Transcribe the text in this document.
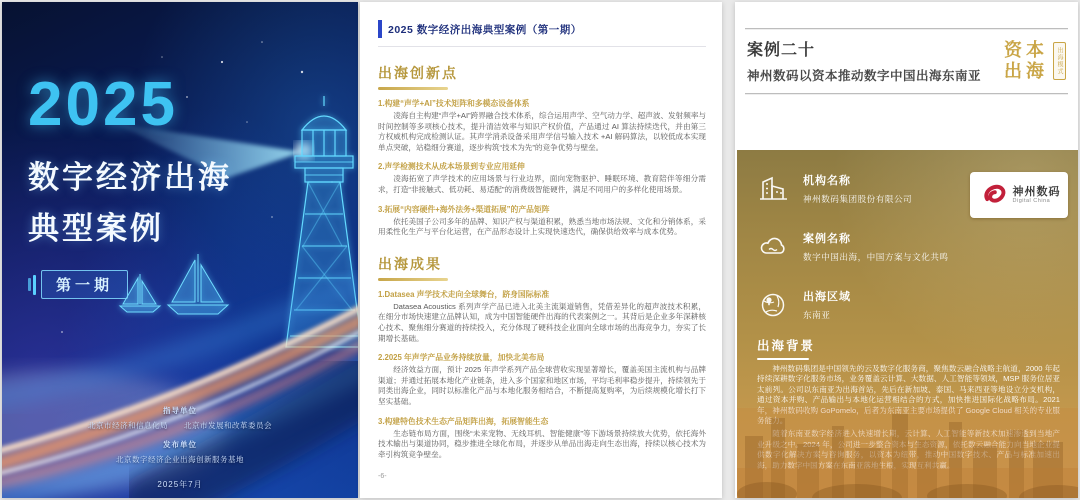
2025
数字经济出海
典型案例
第一期
指导单位
北京市经济和信息化局　　北京市发展和改革委员会
发布单位
北京数字经济企业出海创新服务基地
2025年7月
2025 数字经济出海典型案例（第一期）
出海创新点
1.构建“声学+AI”技术矩阵和多模态设备体系
凌海自主构建“声学+AI”跨界融合技术体系，综合运用声学、空气动力学、超声波、发射频率与时间控制等多项核心技术，提升清洁效率与知识产权价值，产品通过 AI 算法持续迭代，并由第三方权威机构完成检测认证。其声学消杀设备采用声学信号输入技术 +AI 解码算法，以较低成本实现单点突破，站稳细分赛道，逐步构筑“技术为先”的竞争优势与壁垒。
2.声学检测技术从成本场景到专业应用延伸
凌海拓宽了声学技术的应用场景与行业边界，面向宠物驱护、睡眠环境、教育陪伴等细分需求，打造“非接触式、低功耗、易适配”的消费级智能硬件，满足不同用户的多样化使用场景。
3.拓展“内容硬件+海外法务+渠道拓展”的产品矩阵
依托美国子公司多年的品牌、知识产权与渠道积累，熟悉当地市场法规、文化和分销体系，采用柔性化生产与平台化运营，在产品形态设计上实现快速迭代，确保供给效率与成本优势。
出海成果
1.Datasea 声学技术走向全球舞台，跻身国际标准
Datasea Acoustics 系列声学产品已进入北美主流渠道销售，凭借差异化的超声波技术积累，在细分市场快速建立品牌认知，成为中国智能硬件出海的代表案例之一。其背后是企业多年深耕核心技术、聚焦细分赛道的持续投入，充分体现了硬科技企业面向全球市场的出海竞争力，夯实了长期增长基础。
2.2025 年声学产品业务持续放量，加快北美布局
经济效益方面，预计 2025 年声学系列产品全球营收实现显著增长，覆盖美国主流机构与品牌渠道；并通过拓展本地化产业链条，进入多个国家和地区市场，平均毛利率稳步提升，持续领先于同类出海企业，同时以标准化产品与本地化服务相结合，不断提高复购率，为后续规模化增长打下坚实基础。
3.构建特色技术生态产品矩阵出海，拓展智能生态
生态链布局方面，围绕“未来宠物、无线耳机、智能健康”等下游场景持续放大优势，依托海外技术输出与渠道协同，稳步推进全球化布局，并逐步从单品出海走向生态出海，持续以核心技术为牵引构筑竞争壁垒。
-6-
案例二十
神州数码以资本推动数字中国出海东南亚
资本
出海	出海模式
机构名称
神州数码集团股份有限公司
神州数码
Digital China
案例名称
数字中国出海，中国方案与文化共鸣
出海区域
东南亚
出海背景

神州数码集团是中国领先的云及数字化服务商，聚焦数云融合战略主航道，2000 年起持续深耕数字化服务市场，业务覆盖云计算、大数据、人工智能等领域，MSP 服务位居亚太前列。公司以东南亚为出海首站，先后在新加坡、泰国、马来西亚等地设立分支机构，通过资本并购、产品输出与本地化运营相结合的方式，加快推进国际化战略布局。2021 年，神州数码收购 GoPomelo，后者为东南亚主要市场提供了 Google Cloud 相关的专业服务能力。

随着东南亚数字经济进入快速增长期，云计算、人工智能等新技术加速渗透到当地产业升级之中。2024 年，公司进一步整合资本与生态资源，依托数云融合能力向当地企业提供数字化解决方案与咨询服务，以资本为纽带，推动中国数字技术、产品与标准加速出海，助力数字中国方案在东南亚落地生根，实现互利共赢。
